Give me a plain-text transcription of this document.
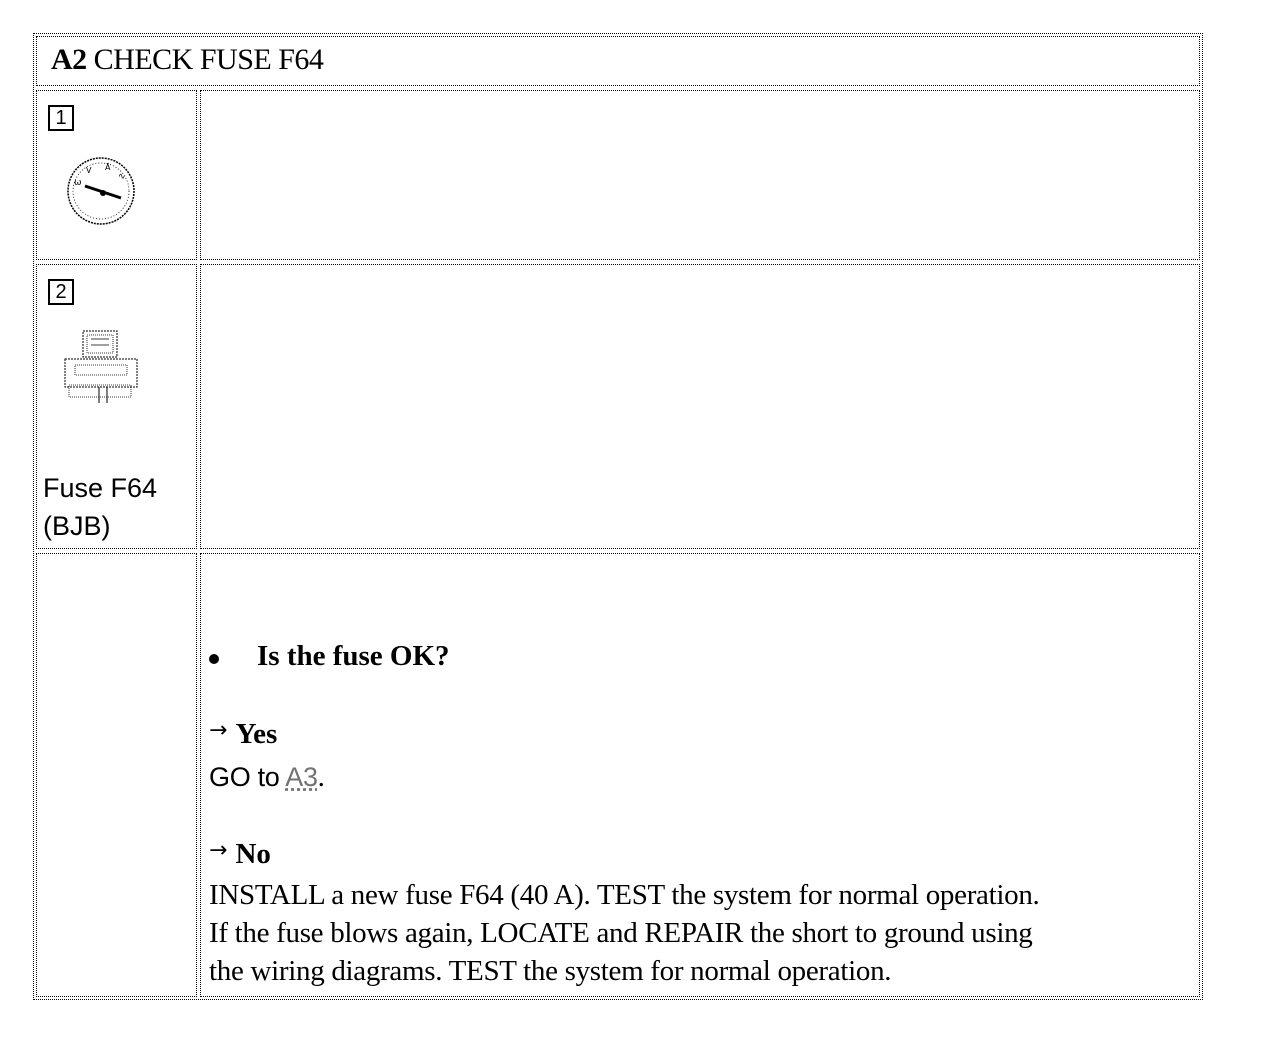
A2 CHECK FUSE F64
1
ω
V Ā
∿
2
Fuse F64
(BJB)
Is the fuse OK?
→ Yes
GO to A3.
→ No
INSTALL a new fuse F64 (40 A). TEST the system for normal operation.
If the fuse blows again, LOCATE and REPAIR the short to ground using
the wiring diagrams. TEST the system for normal operation.
